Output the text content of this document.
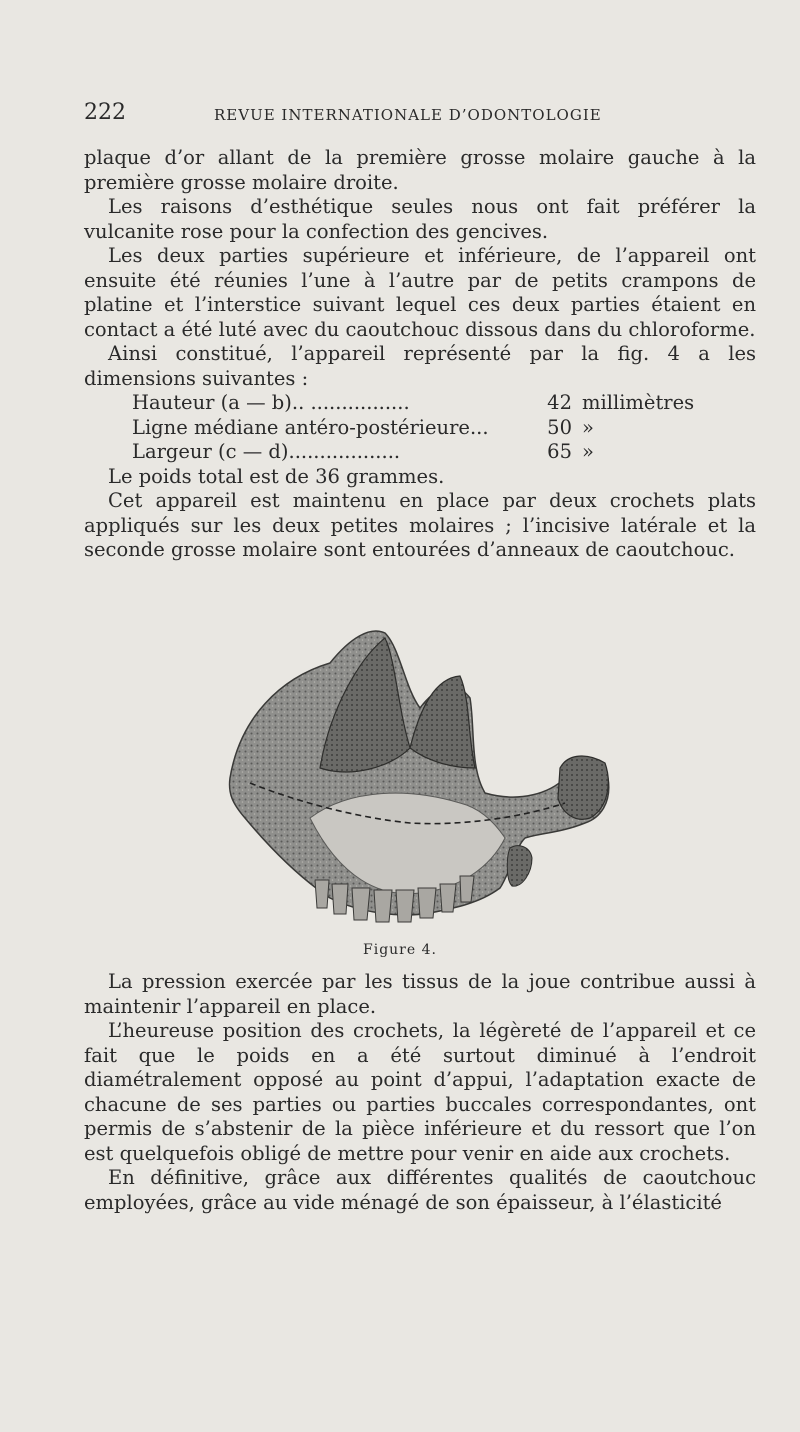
222	REVUE INTERNATIONALE D’ODONTOLOGIE

plaque d’or allant de la première grosse molaire gauche à la première grosse molaire droite.

Les raisons d’esthétique seules nous ont fait préférer la vulcanite rose pour la confection des gencives.

Les deux parties supérieure et inférieure, de l’appareil ont ensuite été réunies l’une à l’autre par de petits crampons de platine et l’interstice suivant lequel ces deux parties étaient en contact a été luté avec du caoutchouc dissous dans du chloroforme.

Ainsi constitué, l’appareil représenté par la fig. 4 a les dimensions suivantes :

Hauteur (a — b).. ................	42 millimètres
Ligne médiane antéro-postérieure...	50 »
Largeur (c — d)..................	65 »

Le poids total est de 36 grammes.

Cet appareil est maintenu en place par deux crochets plats appliqués sur les deux petites molaires ; l’incisive latérale et la seconde grosse molaire sont entourées d’anneaux de caoutchouc.

Figure 4.

La pression exercée par les tissus de la joue contribue aussi à maintenir l’appareil en place.

L’heureuse position des crochets, la légèreté de l’appareil et ce fait que le poids en a été surtout diminué à l’endroit diamétralement opposé au point d’appui, l’adaptation exacte de chacune de ses parties ou parties buccales correspondantes, ont permis de s’abstenir de la pièce inférieure et du ressort que l’on est quelquefois obligé de mettre pour venir en aide aux crochets.

En définitive, grâce aux différentes qualités de caoutchouc employées, grâce au vide ménagé de son épaisseur, à l’élasticité
